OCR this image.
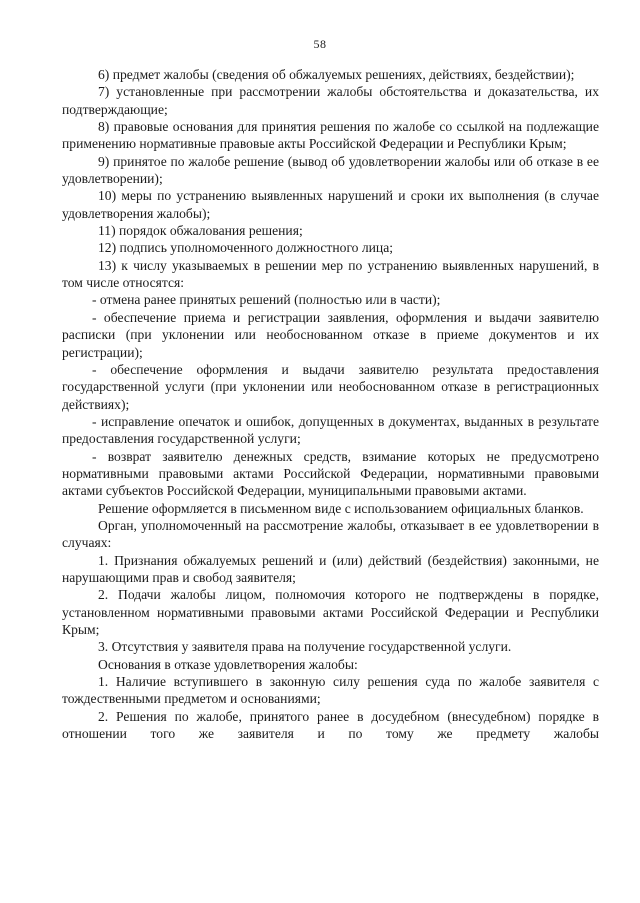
58

6) предмет жалобы (сведения об обжалуемых решениях, действиях, бездействии);

7) установленные при рассмотрении жалобы обстоятельства и доказательства, их подтверждающие;

8) правовые основания для принятия решения по жалобе со ссылкой на подлежащие применению нормативные правовые акты Российской Федерации и Республики Крым;

9) принятое по жалобе решение (вывод об удовлетворении жалобы или об отказе в ее удовлетворении);

10) меры по устранению выявленных нарушений и сроки их выполнения (в случае удовлетворения жалобы);

11) порядок обжалования решения;

12) подпись уполномоченного должностного лица;

13) к числу указываемых в решении мер по устранению выявленных нарушений, в том числе относятся:

- отмена ранее принятых решений (полностью или в части);

- обеспечение приема и регистрации заявления, оформления и выдачи заявителю расписки (при уклонении или необоснованном отказе в приеме документов и их регистрации);

- обеспечение оформления и выдачи заявителю результата предоставления государственной услуги (при уклонении или необоснованном отказе в регистрационных действиях);

- исправление опечаток и ошибок, допущенных в документах, выданных в результате предоставления государственной услуги;

- возврат заявителю денежных средств, взимание которых не предусмотрено нормативными правовыми актами Российской Федерации, нормативными правовыми актами субъектов Российской Федерации, муниципальными правовыми актами.

Решение оформляется в письменном виде с использованием официальных бланков.

Орган, уполномоченный на рассмотрение жалобы, отказывает в ее удовлетворении в случаях:

1. Признания обжалуемых решений и (или) действий (бездействия) законными, не нарушающими прав и свобод заявителя;

2. Подачи жалобы лицом, полномочия которого не подтверждены в порядке, установленном нормативными правовыми актами Российской Федерации и Республики Крым;

3. Отсутствия у заявителя права на получение государственной услуги.

Основания в отказе удовлетворения жалобы:

1. Наличие вступившего в законную силу решения суда по жалобе заявителя с тождественными предметом и основаниями;

2. Решения по жалобе, принятого ранее в досудебном (внесудебном) порядке в отношении того же заявителя и по тому же предмету жалобы
